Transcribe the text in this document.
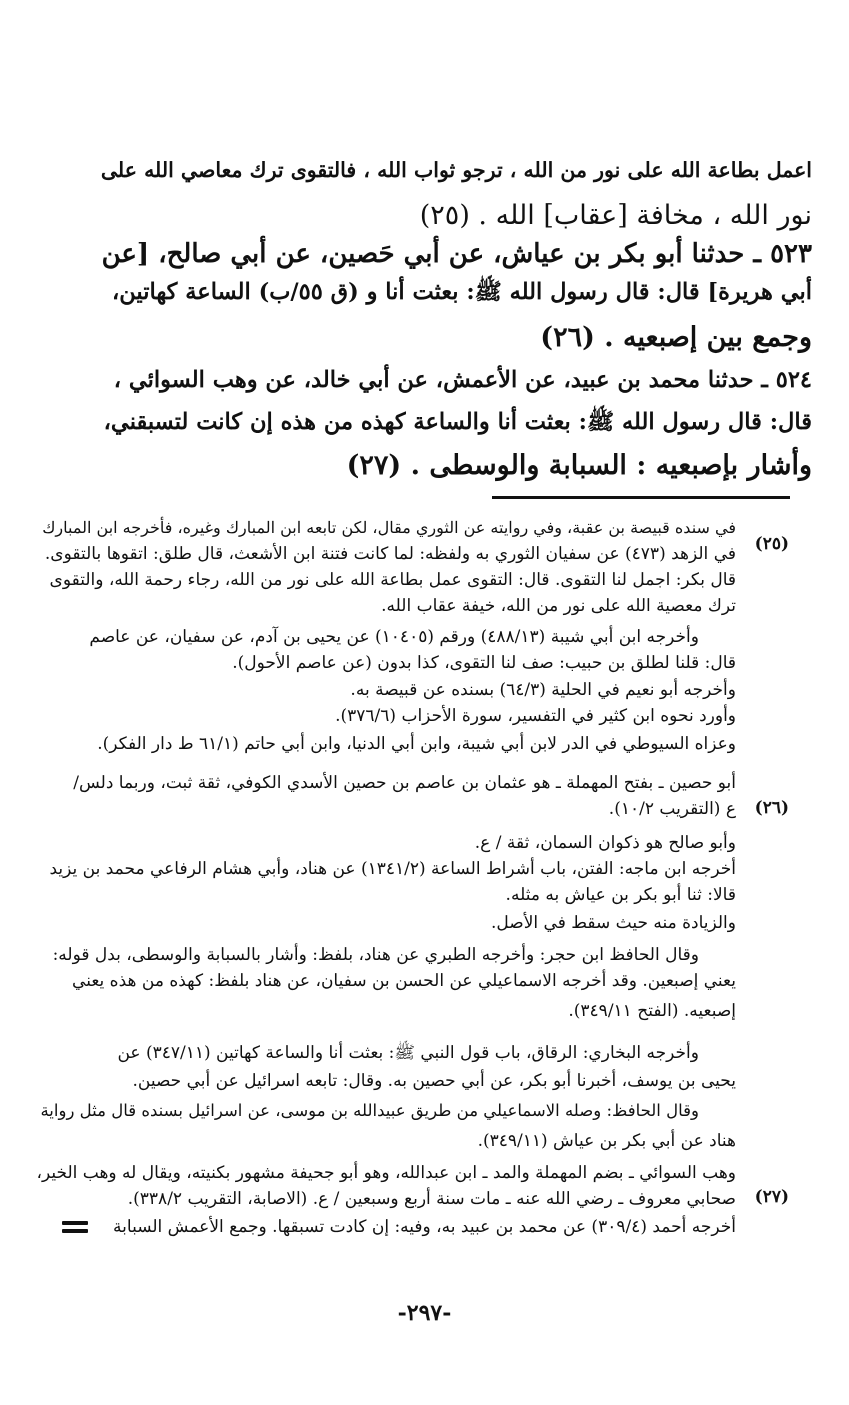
اعمل بطاعة الله على نور من الله ، ترجو ثواب الله ، فالتقوى ترك معاصي الله على
نور الله ، مخافة [عقاب] الله . (٢٥)
٥٢٣ ـ حدثنا أبو بكر بن عياش، عن أبي حَصين، عن أبي صالح، [عن
أبي هريرة] قال: قال رسول الله ﷺ: بعثت أنا و (ق ٥٥/ب) الساعة كهاتين،
وجمع بين إصبعيه . (٢٦)
٥٢٤ ـ حدثنا محمد بن عبيد، عن الأعمش، عن أبي خالد، عن وهب السوائي ،
قال: قال رسول الله ﷺ: بعثت أنا والساعة كهذه من هذه إن كانت لتسبقني،
وأشار بإصبعيه : السبابة والوسطى . (٢٧)
(٢٥)
(٢٦)
(٢٧)
في سنده قبيصة بن عقبة، وفي روايته عن الثوري مقال، لكن تابعه ابن المبارك وغيره، فأخرجه ابن المبارك
في الزهد (٤٧٣) عن سفيان الثوري به ولفظه: لما كانت فتنة ابن الأشعث، قال طلق: اتقوها بالتقوى.
قال بكر: اجمل لنا التقوى. قال: التقوى عمل بطاعة الله على نور من الله، رجاء رحمة الله، والتقوى
ترك معصية الله على نور من الله، خيفة عقاب الله.
وأخرجه ابن أبي شيبة (٤٨٨/١٣) ورقم (١٠٤٠٥) عن يحيى بن آدم، عن سفيان، عن عاصم
قال: قلنا لطلق بن حبيب: صف لنا التقوى، كذا بدون (عن عاصم الأحول).
وأخرجه أبو نعيم في الحلية (٦٤/٣) بسنده عن قبيصة به.
وأورد نحوه ابن كثير في التفسير، سورة الأحزاب (٣٧٦/٦).
وعزاه السيوطي في الدر لابن أبي شيبة، وابن أبي الدنيا، وابن أبي حاتم (٦١/١ ط دار الفكر).
أبو حصين ـ بفتح المهملة ـ هو عثمان بن عاصم بن حصين الأسدي الكوفي، ثقة ثبت، وربما دلس/
ع (التقريب ١٠/٢).
وأبو صالح هو ذكوان السمان، ثقة / ع.
أخرجه ابن ماجه: الفتن، باب أشراط الساعة (١٣٤١/٢) عن هناد، وأبي هشام الرفاعي محمد بن يزيد
قالا: ثنا أبو بكر بن عياش به مثله.
والزيادة منه حيث سقط في الأصل.
وقال الحافظ ابن حجر: وأخرجه الطبري عن هناد، بلفظ: وأشار بالسبابة والوسطى، بدل قوله:
يعني إصبعين. وقد أخرجه الاسماعيلي عن الحسن بن سفيان، عن هناد بلفظ: كهذه من هذه يعني
إصبعيه. (الفتح ٣٤٩/١١).
وأخرجه البخاري: الرقاق، باب قول النبي ﷺ: بعثت أنا والساعة كهاتين (٣٤٧/١١) عن
يحيى بن يوسف، أخبرنا أبو بكر، عن أبي حصين به. وقال: تابعه اسرائيل عن أبي حصين.
وقال الحافظ: وصله الاسماعيلي من طريق عبيدالله بن موسى، عن اسرائيل بسنده قال مثل رواية
هناد عن أبي بكر بن عياش (٣٤٩/١١).
وهب السوائي ـ بضم المهملة والمد ـ ابن عبدالله، وهو أبو جحيفة مشهور بكنيته، ويقال له وهب الخير،
صحابي معروف ـ رضي الله عنه ـ مات سنة أربع وسبعين / ع. (الاصابة، التقريب ٣٣٨/٢).
أخرجه أحمد (٣٠٩/٤) عن محمد بن عبيد به، وفيه: إن كادت تسبقها. وجمع الأعمش السبابة
-٢٩٧-
